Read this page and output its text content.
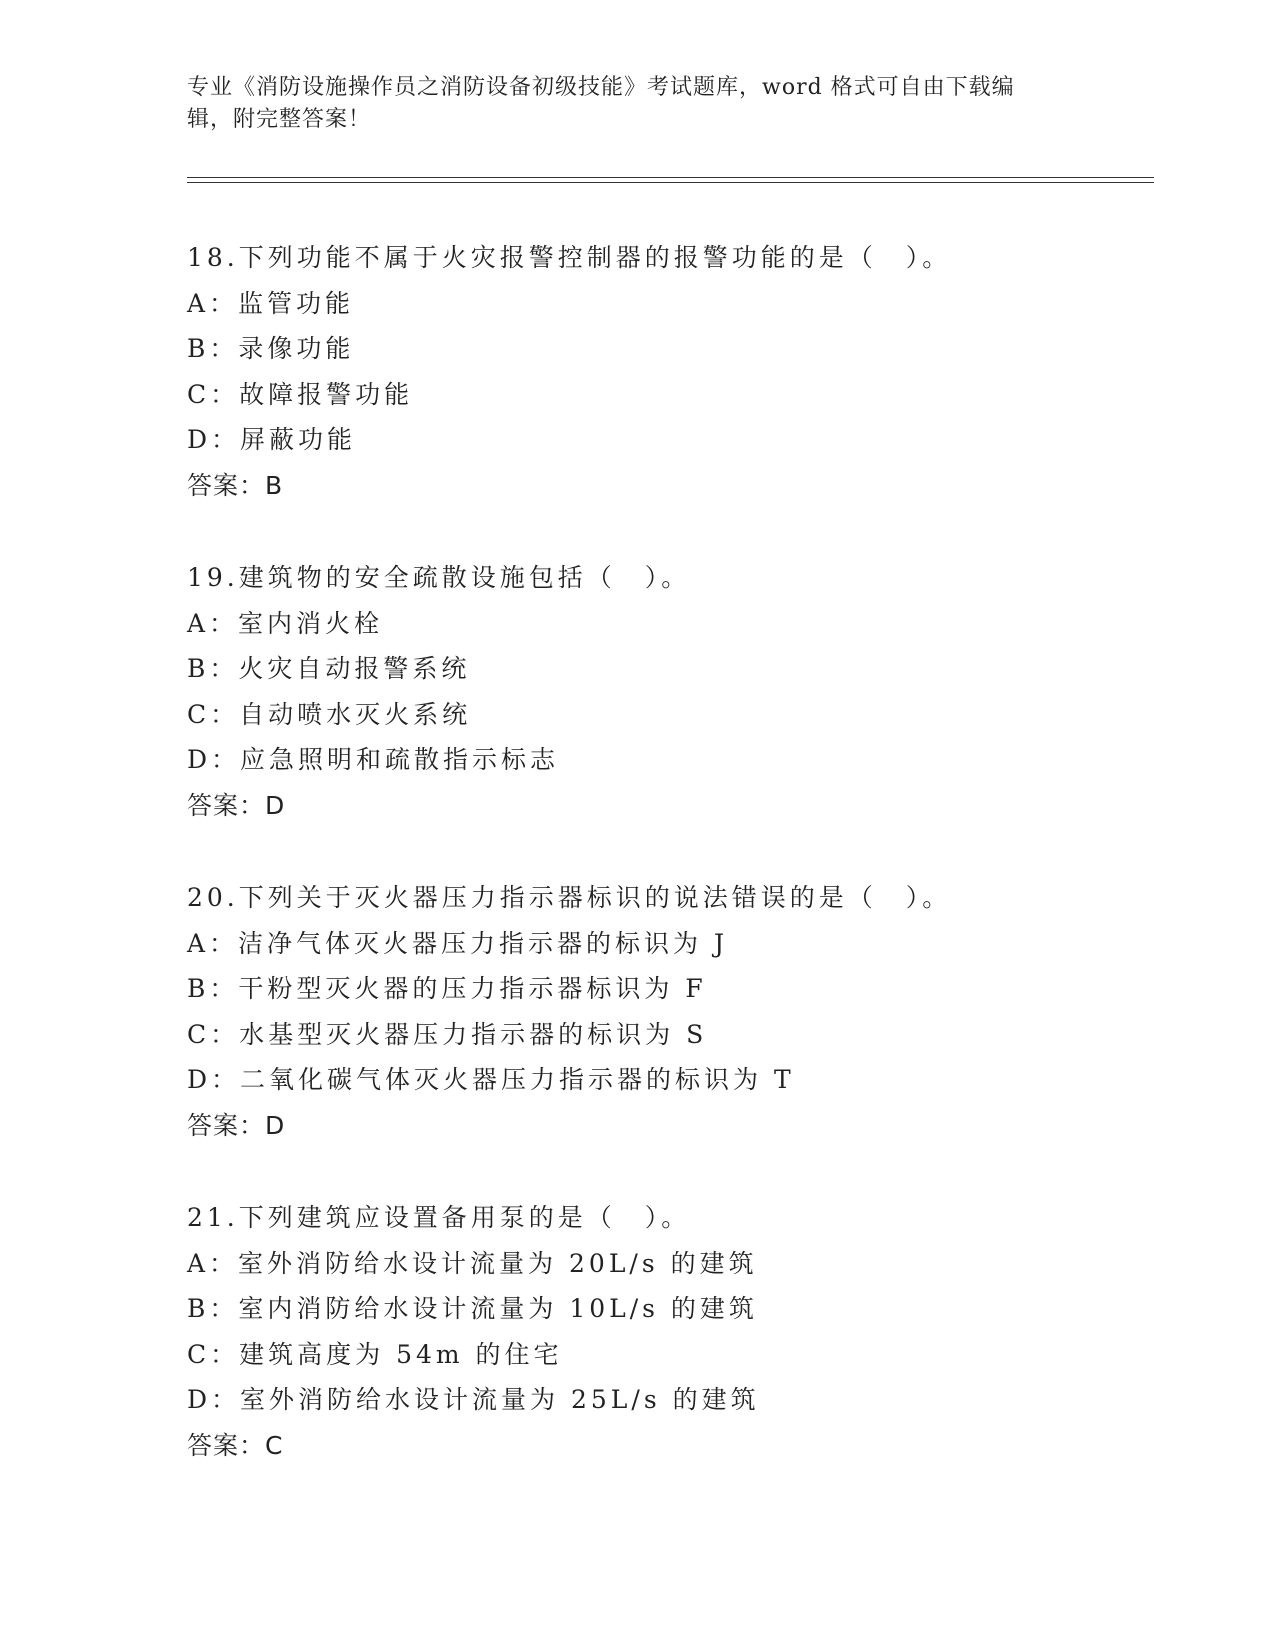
专业《消防设施操作员之消防设备初级技能》考试题库，word 格式可自由下载编
辑，附完整答案！
18.下列功能不属于火灾报警控制器的报警功能的是（　）。
A：监管功能
B：录像功能
C：故障报警功能
D：屏蔽功能
答案：B
19.建筑物的安全疏散设施包括（　）。
A：室内消火栓
B：火灾自动报警系统
C：自动喷水灭火系统
D：应急照明和疏散指示标志
答案：D
20.下列关于灭火器压力指示器标识的说法错误的是（　）。
A：洁净气体灭火器压力指示器的标识为 J
B：干粉型灭火器的压力指示器标识为 F
C：水基型灭火器压力指示器的标识为 S
D：二氧化碳气体灭火器压力指示器的标识为 T
答案：D
21.下列建筑应设置备用泵的是（　）。
A：室外消防给水设计流量为 20L/s 的建筑
B：室内消防给水设计流量为 10L/s 的建筑
C：建筑高度为 54m 的住宅
D：室外消防给水设计流量为 25L/s 的建筑
答案：C
